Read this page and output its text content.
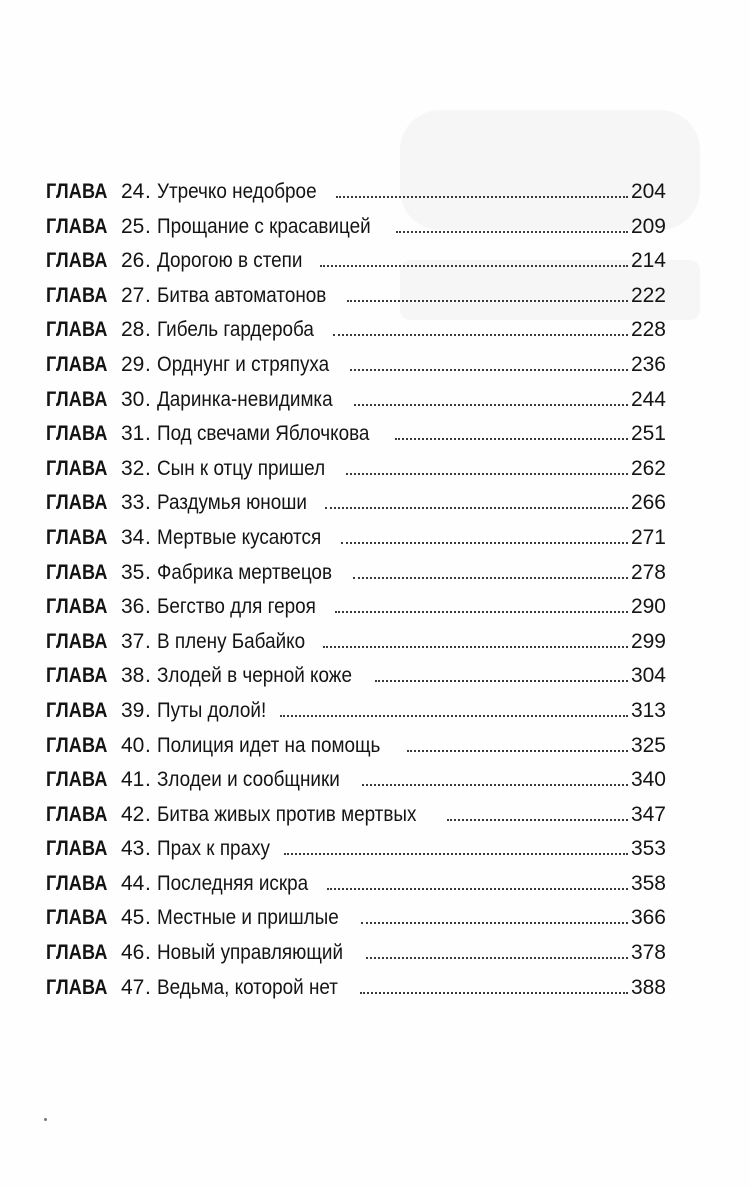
ГЛАВА 24 . Утречко недоброе	204
ГЛАВА 25 . Прощание с красавицей	209
ГЛАВА 26 . Дорогою в степи	214
ГЛАВА 27 . Битва автоматонов	222
ГЛАВА 28 . Гибель гардероба	228
ГЛАВА 29 . Орднунг и стряпуха	236
ГЛАВА 30 . Даринка-невидимка	244
ГЛАВА 31 . Под свечами Яблочкова	251
ГЛАВА 32 . Сын к отцу пришел	262
ГЛАВА 33 . Раздумья юноши	266
ГЛАВА 34 . Мертвые кусаются	271
ГЛАВА 35 . Фабрика мертвецов	278
ГЛАВА 36 . Бегство для героя	290
ГЛАВА 37 . В плену Бабайко	299
ГЛАВА 38 . Злодей в черной коже	304
ГЛАВА 39 . Путы долой!	313
ГЛАВА 40 . Полиция идет на помощь	325
ГЛАВА 41 . Злодеи и сообщники	340
ГЛАВА 42 . Битва живых против мертвых	347
ГЛАВА 43 . Прах к праху	353
ГЛАВА 44 . Последняя искра	358
ГЛАВА 45 . Местные и пришлые	366
ГЛАВА 46 . Новый управляющий	378
ГЛАВА 47 . Ведьма, которой нет	388
